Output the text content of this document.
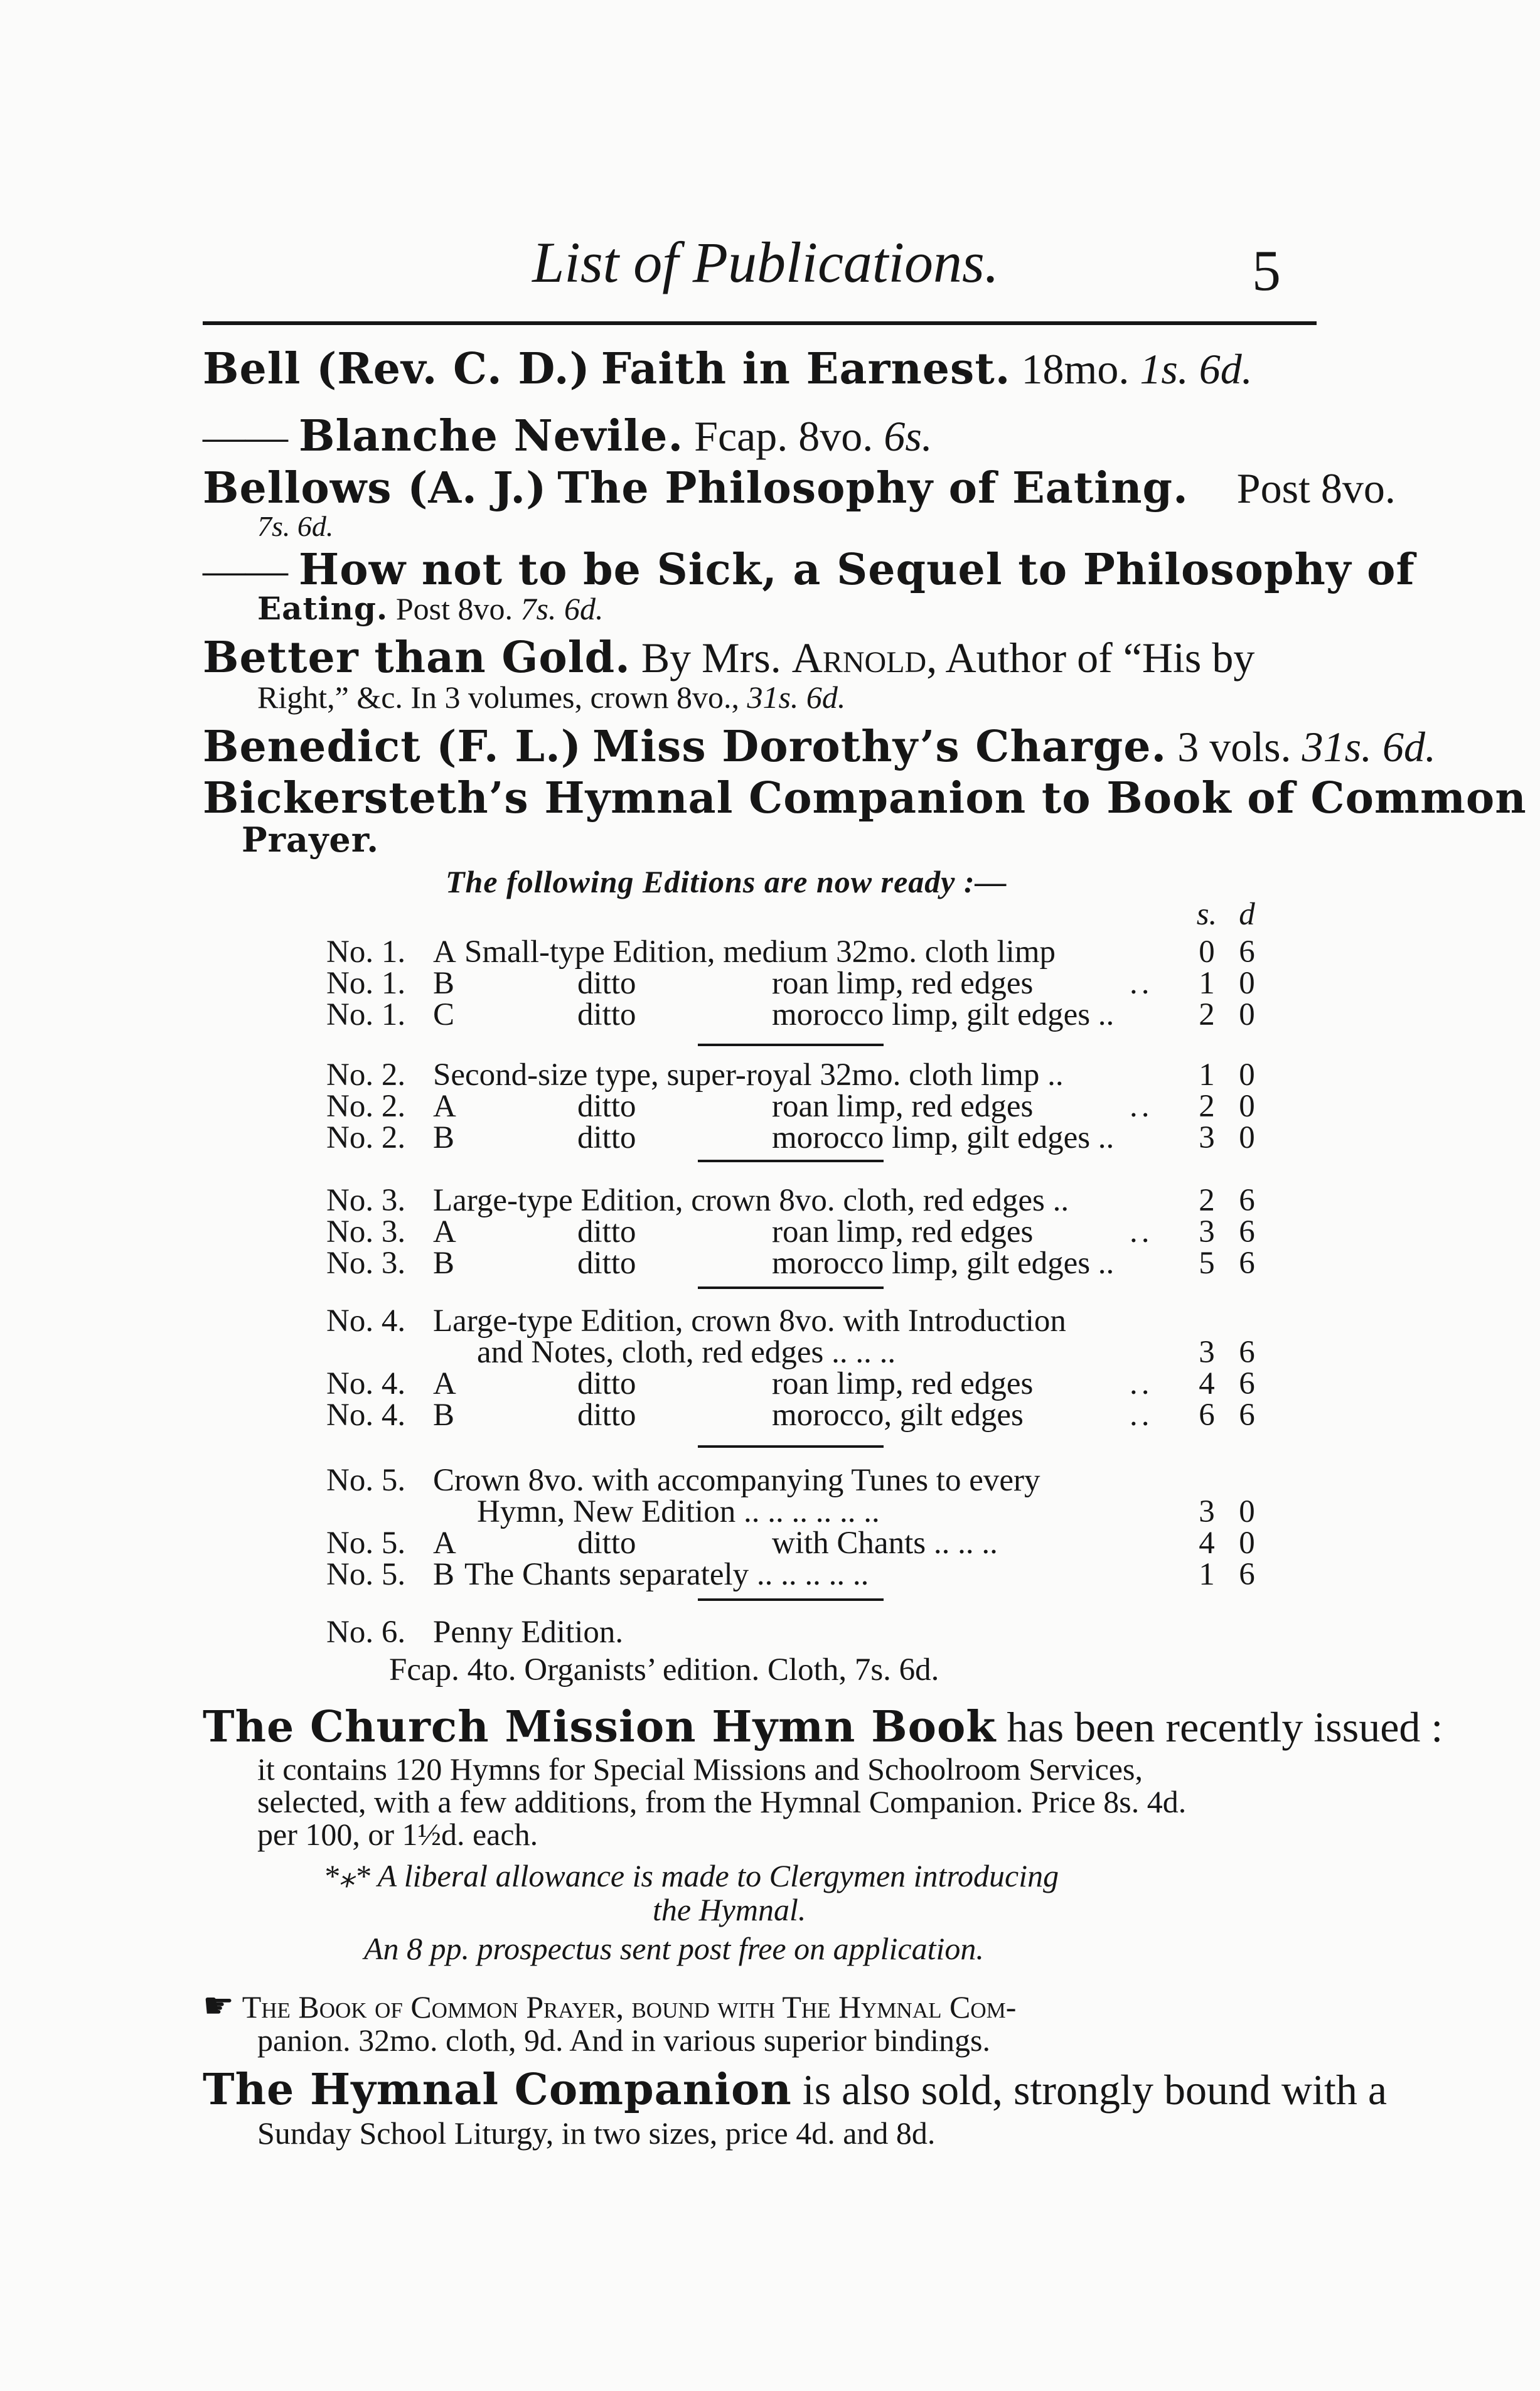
List of Publications.	5
Bell (Rev. C. D.) Faith in Earnest. 18mo. 1s. 6d.
—— Blanche Nevile. Fcap. 8vo. 6s.
Bellows (A. J.) The Philosophy of Eating. Post 8vo.
7s. 6d.
—— How not to be Sick, a Sequel to Philosophy of
Eating. Post 8vo. 7s. 6d.
Better than Gold. By Mrs. Arnold, Author of “His by
Right,” &c. In 3 volumes, crown 8vo., 31s. 6d.
Benedict (F. L.) Miss Dorothy’s Charge. 3 vols. 31s. 6d.
Bickersteth’s Hymnal Companion to Book of Common
Prayer.
The following Editions are now ready :—
s. d
No. 1. A Small-type Edition, medium 32mo. cloth limp	0 6
No. 1. B	ditto	roan limp, red edges	.. 1 0
No. 1. C	ditto	morocco limp, gilt edges ..	2 0
No. 2. Second-size type, super-royal 32mo. cloth limp ..	1 0
No. 2. A	ditto	roan limp, red edges	.. 2 0
No. 2. B	ditto	morocco limp, gilt edges ..	3 0
No. 3. Large-type Edition, crown 8vo. cloth, red edges ..	2 6
No. 3. A	ditto	roan limp, red edges	.. 3 6
No. 3. B	ditto	morocco limp, gilt edges ..	5 6
No. 4. Large-type Edition, crown 8vo. with Introduction
and Notes, cloth, red edges .. .. ..	3 6
No. 4. A	ditto	roan limp, red edges	.. 4 6
No. 4. B	ditto	morocco, gilt edges	.. 6 6
No. 5. Crown 8vo. with accompanying Tunes to every
Hymn, New Edition .. .. .. .. .. ..	3 0
No. 5. A	ditto	with Chants .. .. ..	4 0
No. 5. B The Chants separately .. .. .. .. ..	1 6
No. 6. Penny Edition.
Fcap. 4to. Organists’ edition. Cloth, 7s. 6d.
The Church Mission Hymn Book has been recently issued :
it contains 120 Hymns for Special Missions and Schoolroom Services,
selected, with a few additions, from the Hymnal Companion. Price 8s. 4d.
per 100, or 1½d. each.
*⁎* A liberal allowance is made to Clergymen introducing
the Hymnal.
An 8 pp. prospectus sent post free on application.
☛ The Book of Common Prayer, bound with The Hymnal Com-
panion. 32mo. cloth, 9d. And in various superior bindings.
The Hymnal Companion is also sold, strongly bound with a
Sunday School Liturgy, in two sizes, price 4d. and 8d.
